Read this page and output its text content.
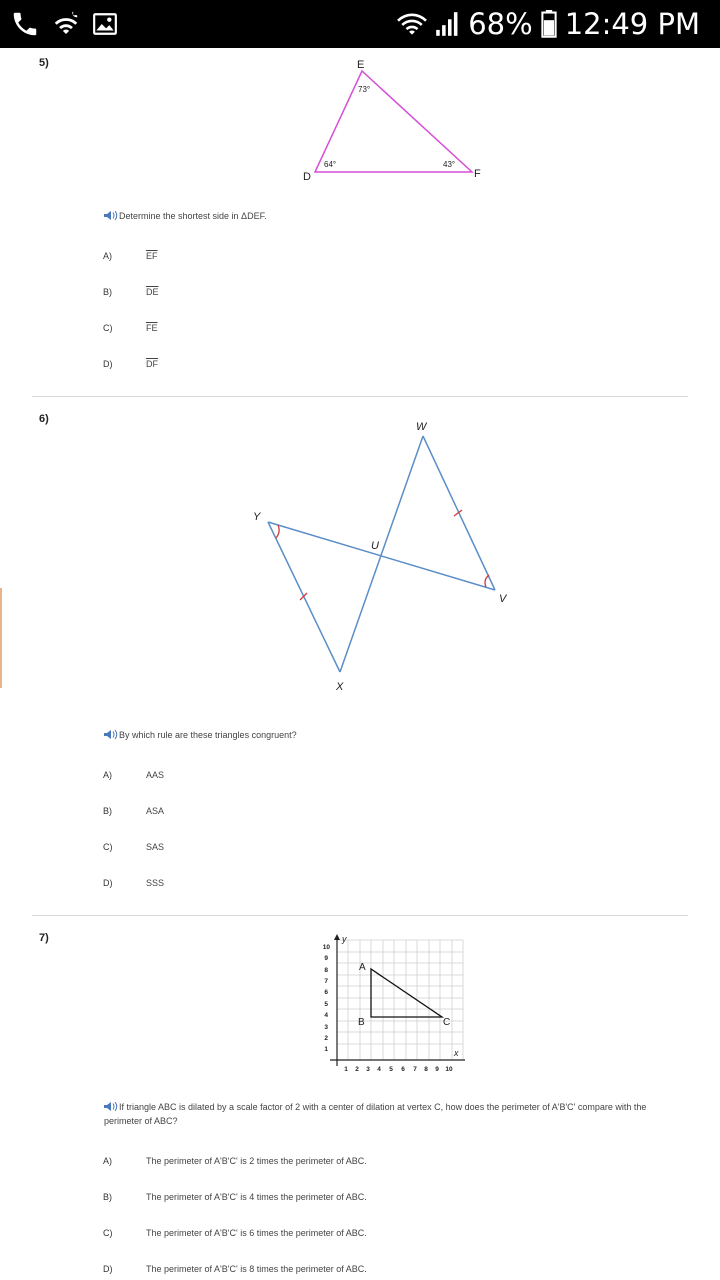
68% 12:49 PM
5)	E
D	F
73°
64°	43°
Determine the shortest side in ΔDEF.
A)	$\overline{EF}$
B)	$\overline{DE}$
C)	$\overline{FE}$
D)	$\overline{DF}$
6)
W
Y
U
V
X
By which rule are these triangles congruent?
A)	AAS
B)	ASA
C)	SAS
D)	SSS
7)	y
x
10
9
8
7
6
5
4
3
2
1
1 2 3 4 5 6 7 8 9 10
A
B	C
If triangle ABC is dilated by a scale factor of 2 with a center of dilation at vertex C, how does the perimeter of A'B'C' compare with the perimeter of ABC?
A)	The perimeter of A'B'C' is 2 times the perimeter of ABC.
B)	The perimeter of A'B'C' is 4 times the perimeter of ABC.
C)	The perimeter of A'B'C' is 6 times the perimeter of ABC.
D)	The perimeter of A'B'C' is 8 times the perimeter of ABC.
